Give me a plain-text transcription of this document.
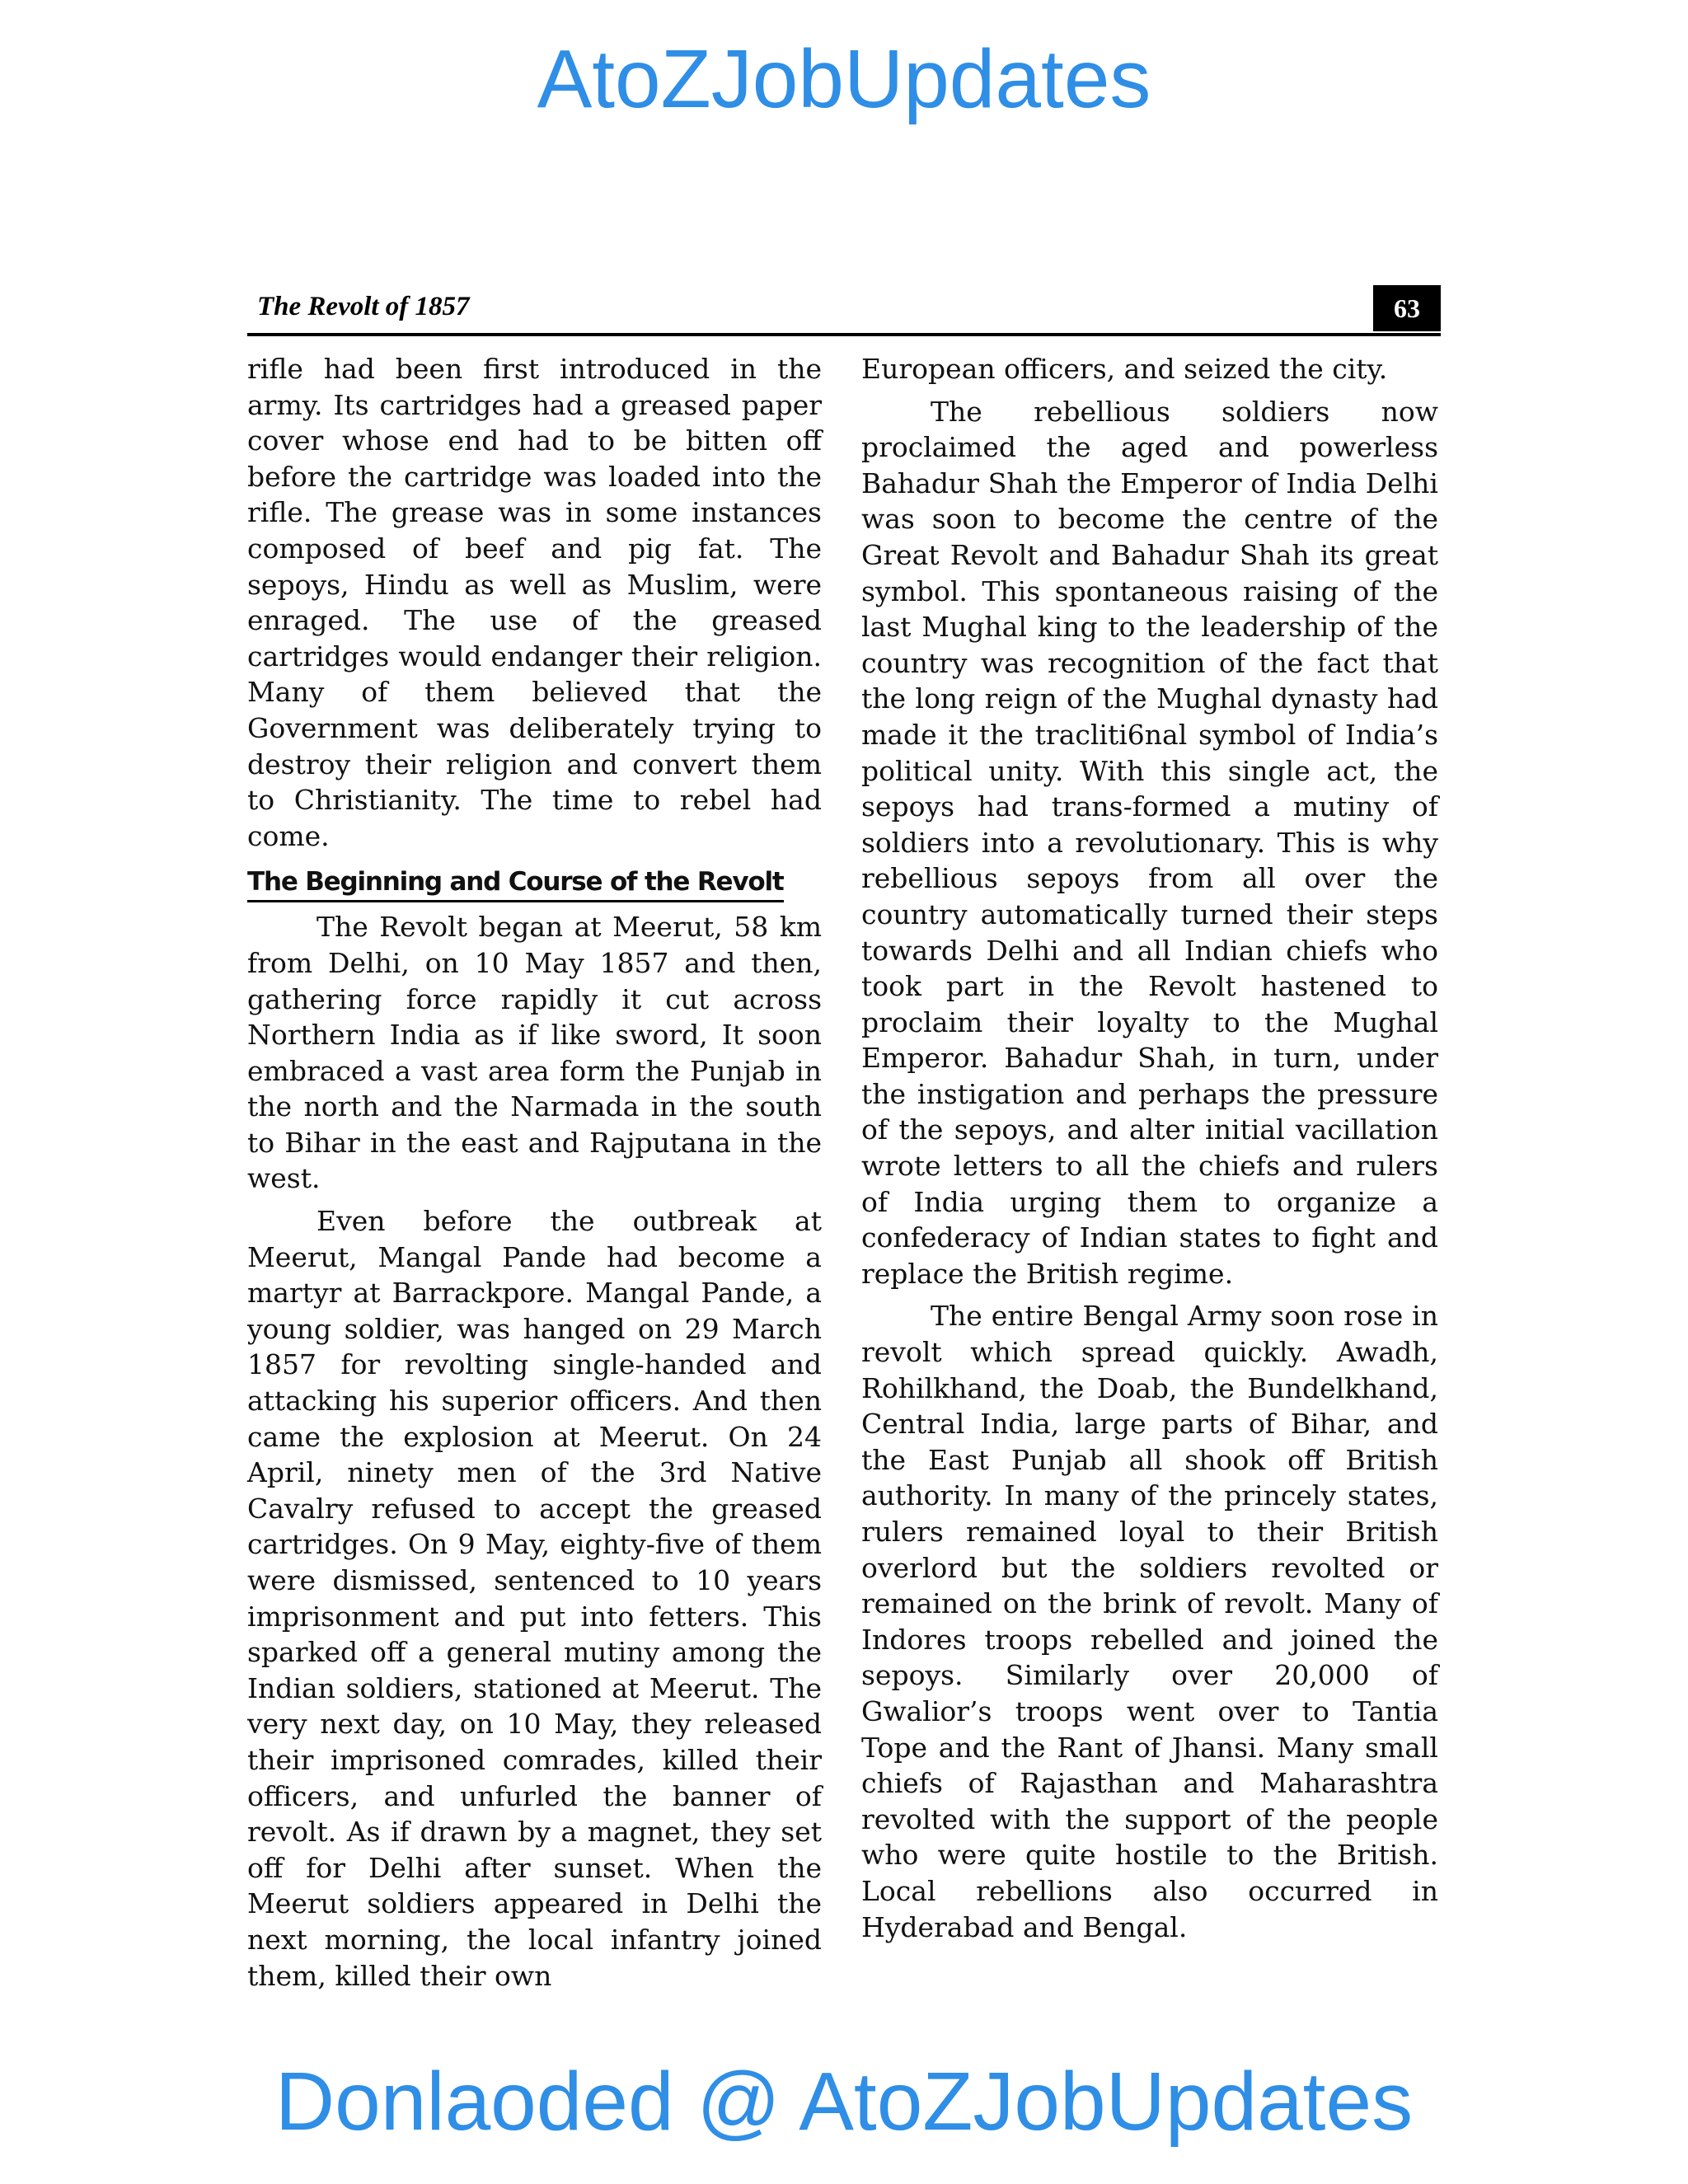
AtoZJobUpdates
The Revolt of 1857	63

rifle had been first introduced in the army. Its cartridges had a greased paper cover whose end had to be bitten off before the cartridge was loaded into the rifle. The grease was in some instances composed of beef and pig fat. The sepoys, Hindu as well as Muslim, were enraged. The use of the greased cartridges would endanger their religion. Many of them believed that the Government was deliberately trying to destroy their religion and convert them to Christianity. The time to rebel had come.

The Beginning and Course of the Revolt

The Revolt began at Meerut, 58 km from Delhi, on 10 May 1857 and then, gathering force rapidly it cut across Northern India as if like sword, It soon embraced a vast area form the Punjab in the north and the Narmada in the south to Bihar in the east and Rajputana in the west.

Even before the outbreak at Meerut, Mangal Pande had become a martyr at Barrackpore. Mangal Pande, a young soldier, was hanged on 29 March 1857 for revolting single-handed and attacking his superior officers. And then came the explosion at Meerut. On 24 April, ninety men of the 3rd Native Cavalry refused to accept the greased cartridges. On 9 May, eighty-five of them were dismissed, sentenced to 10 years imprisonment and put into fetters. This sparked off a general mutiny among the Indian soldiers, stationed at Meerut. The very next day, on 10 May, they released their imprisoned comrades, killed their officers, and unfurled the banner of revolt. As if drawn by a magnet, they set off for Delhi after sunset. When the Meerut soldiers appeared in Delhi the next morning, the local infantry joined them, killed their own

European officers, and seized the city.

The rebellious soldiers now proclaimed the aged and powerless Bahadur Shah the Emperor of India Delhi was soon to become the centre of the Great Revolt and Bahadur Shah its great symbol. This spontaneous raising of the last Mughal king to the leadership of the country was recognition of the fact that the long reign of the Mughal dynasty had made it the tracliti6nal symbol of India’s political unity. With this single act, the sepoys had trans-formed a mutiny of soldiers into a revolutionary. This is why rebellious sepoys from all over the country automatically turned their steps towards Delhi and all Indian chiefs who took part in the Revolt hastened to proclaim their loyalty to the Mughal Emperor. Bahadur Shah, in turn, under the instigation and perhaps the pressure of the sepoys, and alter initial vacillation wrote letters to all the chiefs and rulers of India urging them to organize a confederacy of Indian states to fight and replace the British regime.

The entire Bengal Army soon rose in revolt which spread quickly. Awadh, Rohilkhand, the Doab, the Bundelkhand, Central India, large parts of Bihar, and the East Punjab all shook off British authority. In many of the princely states, rulers remained loyal to their British overlord but the soldiers revolted or remained on the brink of revolt. Many of Indores troops rebelled and joined the sepoys. Similarly over 20,000 of Gwalior’s troops went over to Tantia Tope and the Rant of Jhansi. Many small chiefs of Rajasthan and Maharashtra revolted with the support of the people who were quite hostile to the British. Local rebellions also occurred in Hyderabad and Bengal.

Donlaoded @ AtoZJobUpdates
